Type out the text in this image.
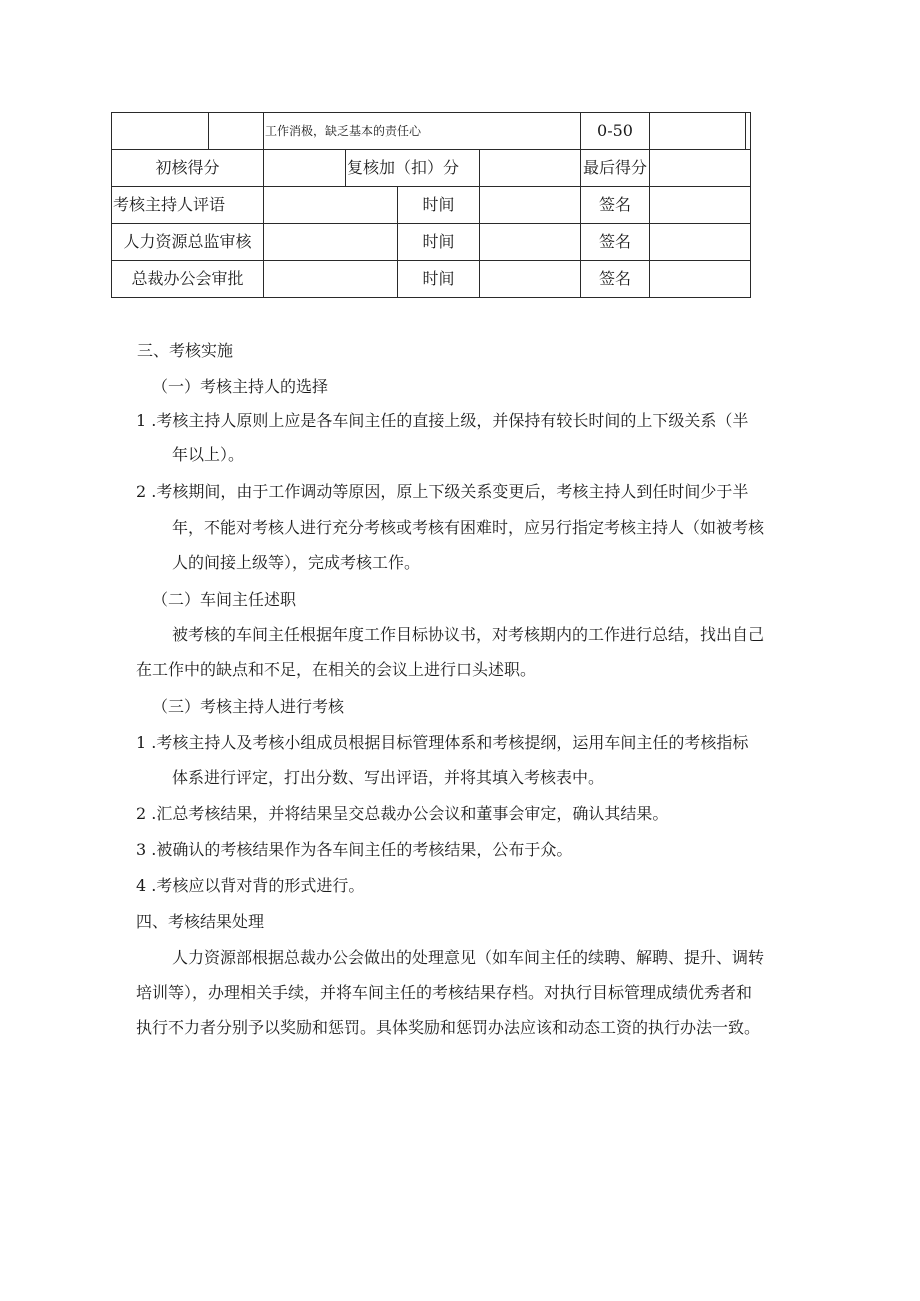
		工作消极，缺乏基本的责任心				0-50		
初核得分			复核加（扣）分			最后得分		
考核主持人评语				时间		签名		
人力资源总监审核				时间		签名		
总裁办公会审批				时间		签名		
三、考核实施
（一）考核主持人的选择
1 .考核主持人原则上应是各车间主任的直接上级，并保持有较长时间的上下级关系（半
年以上）。
2 .考核期间，由于工作调动等原因，原上下级关系变更后，考核主持人到任时间少于半
年，不能对考核人进行充分考核或考核有困难时，应另行指定考核主持人（如被考核
人的间接上级等），完成考核工作。
（二）车间主任述职
被考核的车间主任根据年度工作目标协议书，对考核期内的工作进行总结，找出自己
在工作中的缺点和不足，在相关的会议上进行口头述职。
（三）考核主持人进行考核
1 .考核主持人及考核小组成员根据目标管理体系和考核提纲，运用车间主任的考核指标
体系进行评定，打出分数、写出评语，并将其填入考核表中。
2 .汇总考核结果，并将结果呈交总裁办公会议和董事会审定，确认其结果。
3 .被确认的考核结果作为各车间主任的考核结果，公布于众。
4 .考核应以背对背的形式进行。
四、考核结果处理
人力资源部根据总裁办公会做出的处理意见（如车间主任的续聘、解聘、提升、调转
培训等），办理相关手续，并将车间主任的考核结果存档。对执行目标管理成绩优秀者和
执行不力者分别予以奖励和惩罚。具体奖励和惩罚办法应该和动态工资的执行办法一致。
